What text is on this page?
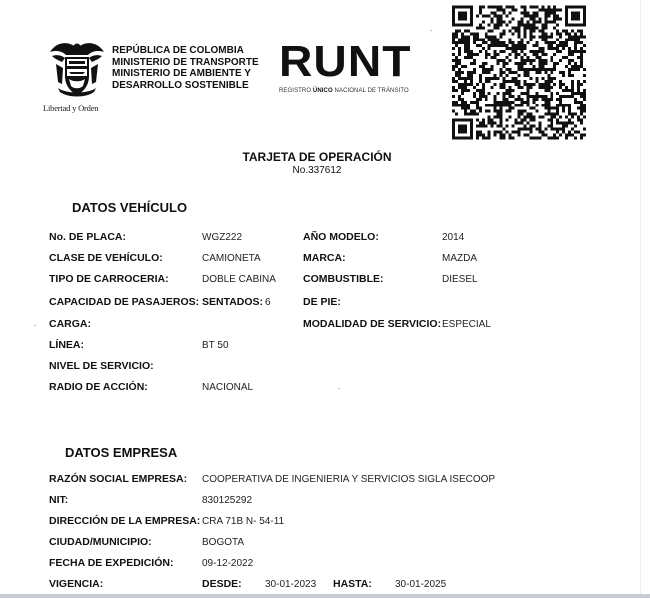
Libertad y Orden
REPÚBLICA DE COLOMBIA
MINISTERIO DE TRANSPORTE
MINISTERIO DE AMBIENTE Y
DESARROLLO SOSTENIBLE RUNT
REGISTRO ÚNICO NACIONAL DE TRÁNSITO
TARJETA DE OPERACIÓN
No.337612
DATOS VEHÍCULO
No. DE PLACA:	WGZ222	AÑO MODELO:	2014
CLASE DE VEHÍCULO:	CAMIONETA	MARCA:	MAZDA
TIPO DE CARROCERIA:	DOBLE CABINA	COMBUSTIBLE:	DIESEL
CAPACIDAD DE PASAJEROS: SENTADOS: 6	DE PIE:
CARGA:	MODALIDAD DE SERVICIO: ESPECIAL
LÍNEA:	BT 50
NIVEL DE SERVICIO:
RADIO DE ACCIÓN:	NACIONAL
DATOS EMPRESA
RAZÓN SOCIAL EMPRESA: COOPERATIVA DE INGENIERIA Y SERVICIOS SIGLA ISECOOP
NIT:	830125292
DIRECCIÓN DE LA EMPRESA: CRA 71B N- 54-11
CIUDAD/MUNICIPIO:	BOGOTA
FECHA DE EXPEDICIÓN:	09-12-2022
VIGENCIA:	DESDE: 30-01-2023 HASTA: 30-01-2025
